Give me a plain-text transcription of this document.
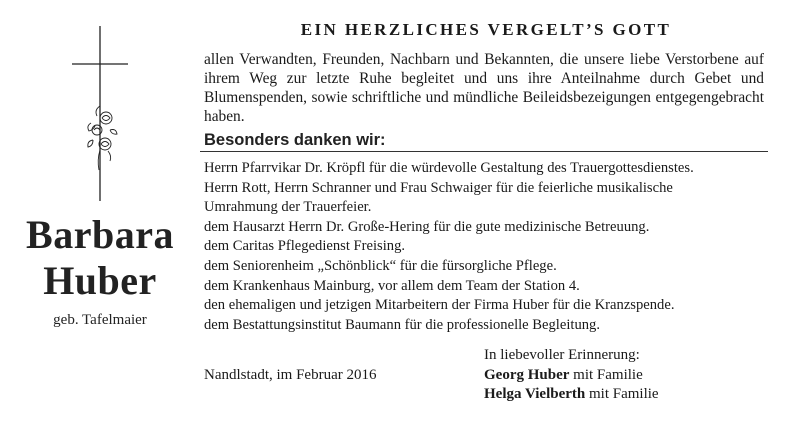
Barbara
Huber
geb. Tafelmaier
EIN HERZLICHES VERGELT’S GOTT
allen Verwandten, Freunden, Nachbarn und Bekannten, die unsere liebe Verstorbene auf ihrem Weg zur letzte Ruhe begleitet und uns ihre Anteilnahme durch Gebet und Blumenspenden, sowie schriftliche und mündliche Beileidsbezeigungen entgegengebracht haben.
Besonders danken wir:
Herrn Pfarrvikar Dr. Kröpfl für die würdevolle Gestaltung des Trauergottesdienstes.
Herrn Rott, Herrn Schranner und Frau Schwaiger für die feierliche musikalische
Umrahmung der Trauerfeier.
dem Hausarzt Herrn Dr. Große-Hering für die gute medizinische Betreuung.
dem Caritas Pflegedienst Freising.
dem Seniorenheim „Schönblick“ für die fürsorgliche Pflege.
dem Krankenhaus Mainburg, vor allem dem Team der Station 4.
den ehemaligen und jetzigen Mitarbeitern der Firma Huber für die Kranzspende.
dem Bestattungsinstitut Baumann für die professionelle Begleitung.
Nandlstadt, im Februar 2016
In liebevoller Erinnerung:
Georg Huber mit Familie
Helga Vielberth mit Familie
